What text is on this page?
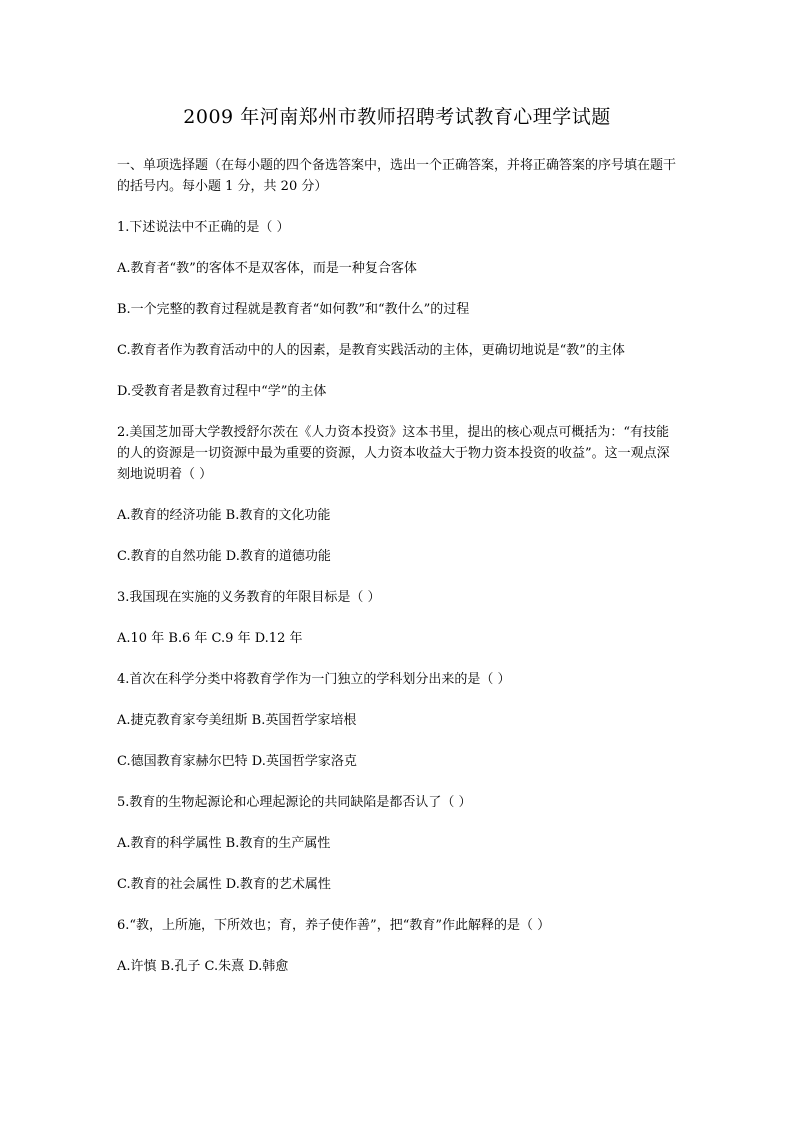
2009 年河南郑州市教师招聘考试教育心理学试题
一、单项选择题（在每小题的四个备选答案中，选出一个正确答案，并将正确答案的序号填在题干的括号内。每小题 1 分，共 20 分）
1.下述说法中不正确的是（ ）
A.教育者“教”的客体不是双客体，而是一种复合客体
B.一个完整的教育过程就是教育者“如何教”和“教什么”的过程
C.教育者作为教育活动中的人的因素，是教育实践活动的主体，更确切地说是“教”的主体
D.受教育者是教育过程中“学”的主体
2.美国芝加哥大学教授舒尔茨在《人力资本投资》这本书里，提出的核心观点可概括为：“有技能的人的资源是一切资源中最为重要的资源，人力资本收益大于物力资本投资的收益”。这一观点深刻地说明着（ ）
A.教育的经济功能 B.教育的文化功能
C.教育的自然功能 D.教育的道德功能
3.我国现在实施的义务教育的年限目标是（ ）
A.10 年 B.6 年 C.9 年 D.12 年
4.首次在科学分类中将教育学作为一门独立的学科划分出来的是（ ）
A.捷克教育家夸美纽斯 B.英国哲学家培根
C.德国教育家赫尔巴特 D.英国哲学家洛克
5.教育的生物起源论和心理起源论的共同缺陷是都否认了（ ）
A.教育的科学属性 B.教育的生产属性
C.教育的社会属性 D.教育的艺术属性
6.“教，上所施，下所效也；育，养子使作善”，把“教育”作此解释的是（ ）
A.许慎 B.孔子 C.朱熹 D.韩愈
